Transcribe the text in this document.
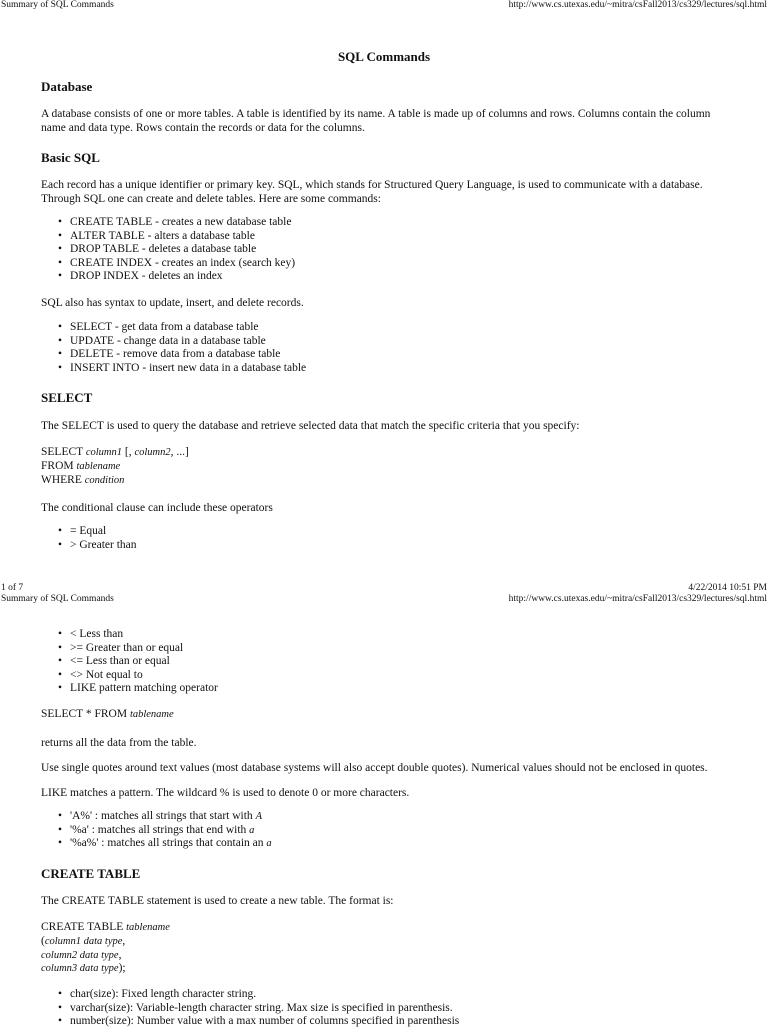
Summary of SQL Commands	http://www.cs.utexas.edu/~mitra/csFall2013/cs329/lectures/sql.html
SQL Commands
Database

A database consists of one or more tables. A table is identified by its name. A table is made up of columns and rows. Columns contain the column name and data type. Rows contain the records or data for the columns.

Basic SQL

Each record has a unique identifier or primary key. SQL, which stands for Structured Query Language, is used to communicate with a database. Through SQL one can create and delete tables. Here are some commands:

• CREATE TABLE - creates a new database table
• ALTER TABLE - alters a database table
• DROP TABLE - deletes a database table
• CREATE INDEX - creates an index (search key)
• DROP INDEX - deletes an index

SQL also has syntax to update, insert, and delete records.

• SELECT - get data from a database table
• UPDATE - change data in a database table
• DELETE - remove data from a database table
• INSERT INTO - insert new data in a database table
SELECT

The SELECT is used to query the database and retrieve selected data that match the specific criteria that you specify:

SELECT column1 [, column2, ...]
FROM tablename
WHERE condition

The conditional clause can include these operators

• = Equal
• > Greater than
1 of 7	4/22/2014 10:51 PM
Summary of SQL Commands	http://www.cs.utexas.edu/~mitra/csFall2013/cs329/lectures/sql.html
• < Less than
• >= Greater than or equal
• <= Less than or equal
• <> Not equal to
• LIKE pattern matching operator
SELECT * FROM tablename

returns all the data from the table.

Use single quotes around text values (most database systems will also accept double quotes). Numerical values should not be enclosed in quotes.

LIKE matches a pattern. The wildcard % is used to denote 0 or more characters.

• 'A%' : matches all strings that start with A
• '%a' : matches all strings that end with a
• '%a%' : matches all strings that contain an a
CREATE TABLE

The CREATE TABLE statement is used to create a new table. The format is:

CREATE TABLE tablename
(column1 data type,
column2 data type,
column3 data type);
• char(size): Fixed length character string.
• varchar(size): Variable-length character string. Max size is specified in parenthesis.
• number(size): Number value with a max number of columns specified in parenthesis
